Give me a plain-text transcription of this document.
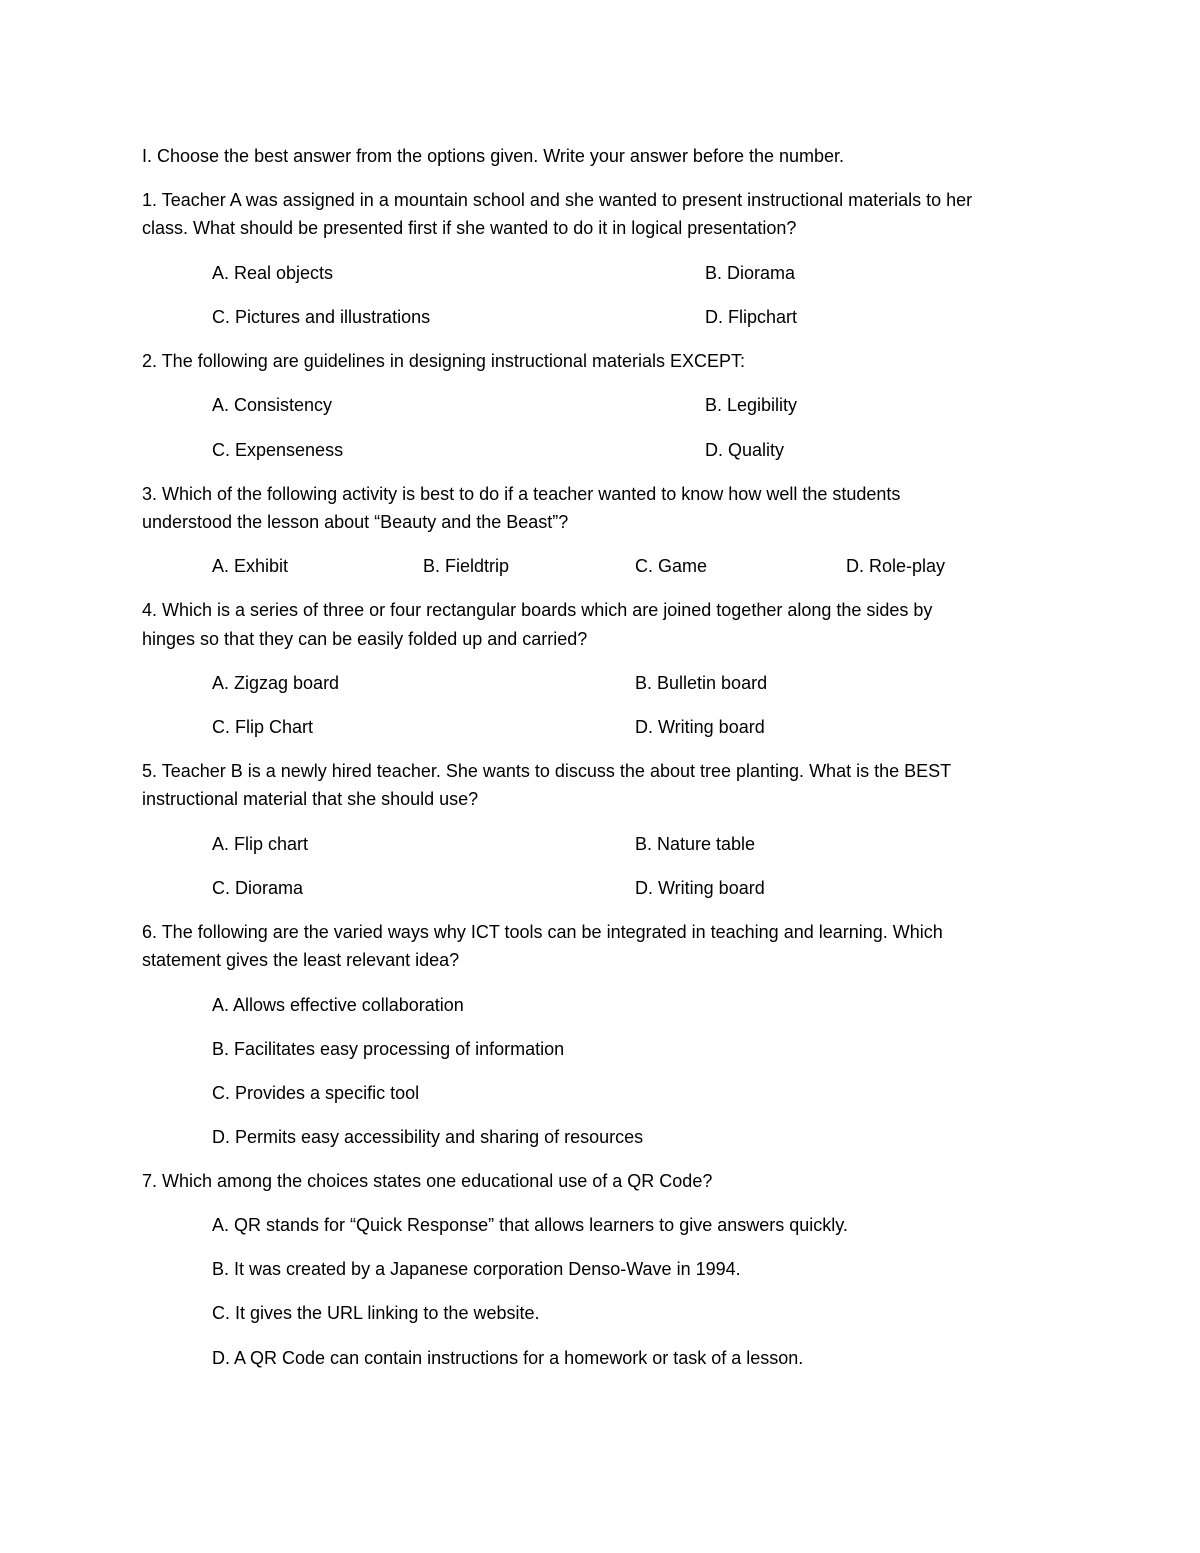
I. Choose the best answer from the options given. Write your answer before the number.
1. Teacher A was assigned in a mountain school and she wanted to present instructional materials to her
class. What should be presented first if she wanted to do it in logical presentation?
A. Real objects	B. Diorama
C. Pictures and illustrations	D. Flipchart
2. The following are guidelines in designing instructional materials EXCEPT:
A. Consistency	B. Legibility
C. Expenseness	D. Quality
3. Which of the following activity is best to do if a teacher wanted to know how well the students
understood the lesson about “Beauty and the Beast”?
A. Exhibit	B. Fieldtrip	C. Game	D. Role-play
4. Which is a series of three or four rectangular boards which are joined together along the sides by
hinges so that they can be easily folded up and carried?
A. Zigzag board	B. Bulletin board
C. Flip Chart	D. Writing board
5. Teacher B is a newly hired teacher. She wants to discuss the about tree planting. What is the BEST
instructional material that she should use?
A. Flip chart	B. Nature table
C. Diorama	D. Writing board
6. The following are the varied ways why ICT tools can be integrated in teaching and learning. Which
statement gives the least relevant idea?
A. Allows effective collaboration
B. Facilitates easy processing of information
C. Provides a specific tool
D. Permits easy accessibility and sharing of resources
7. Which among the choices states one educational use of a QR Code?
A. QR stands for “Quick Response” that allows learners to give answers quickly.
B. It was created by a Japanese corporation Denso-Wave in 1994.
C. It gives the URL linking to the website.
D. A QR Code can contain instructions for a homework or task of a lesson.
